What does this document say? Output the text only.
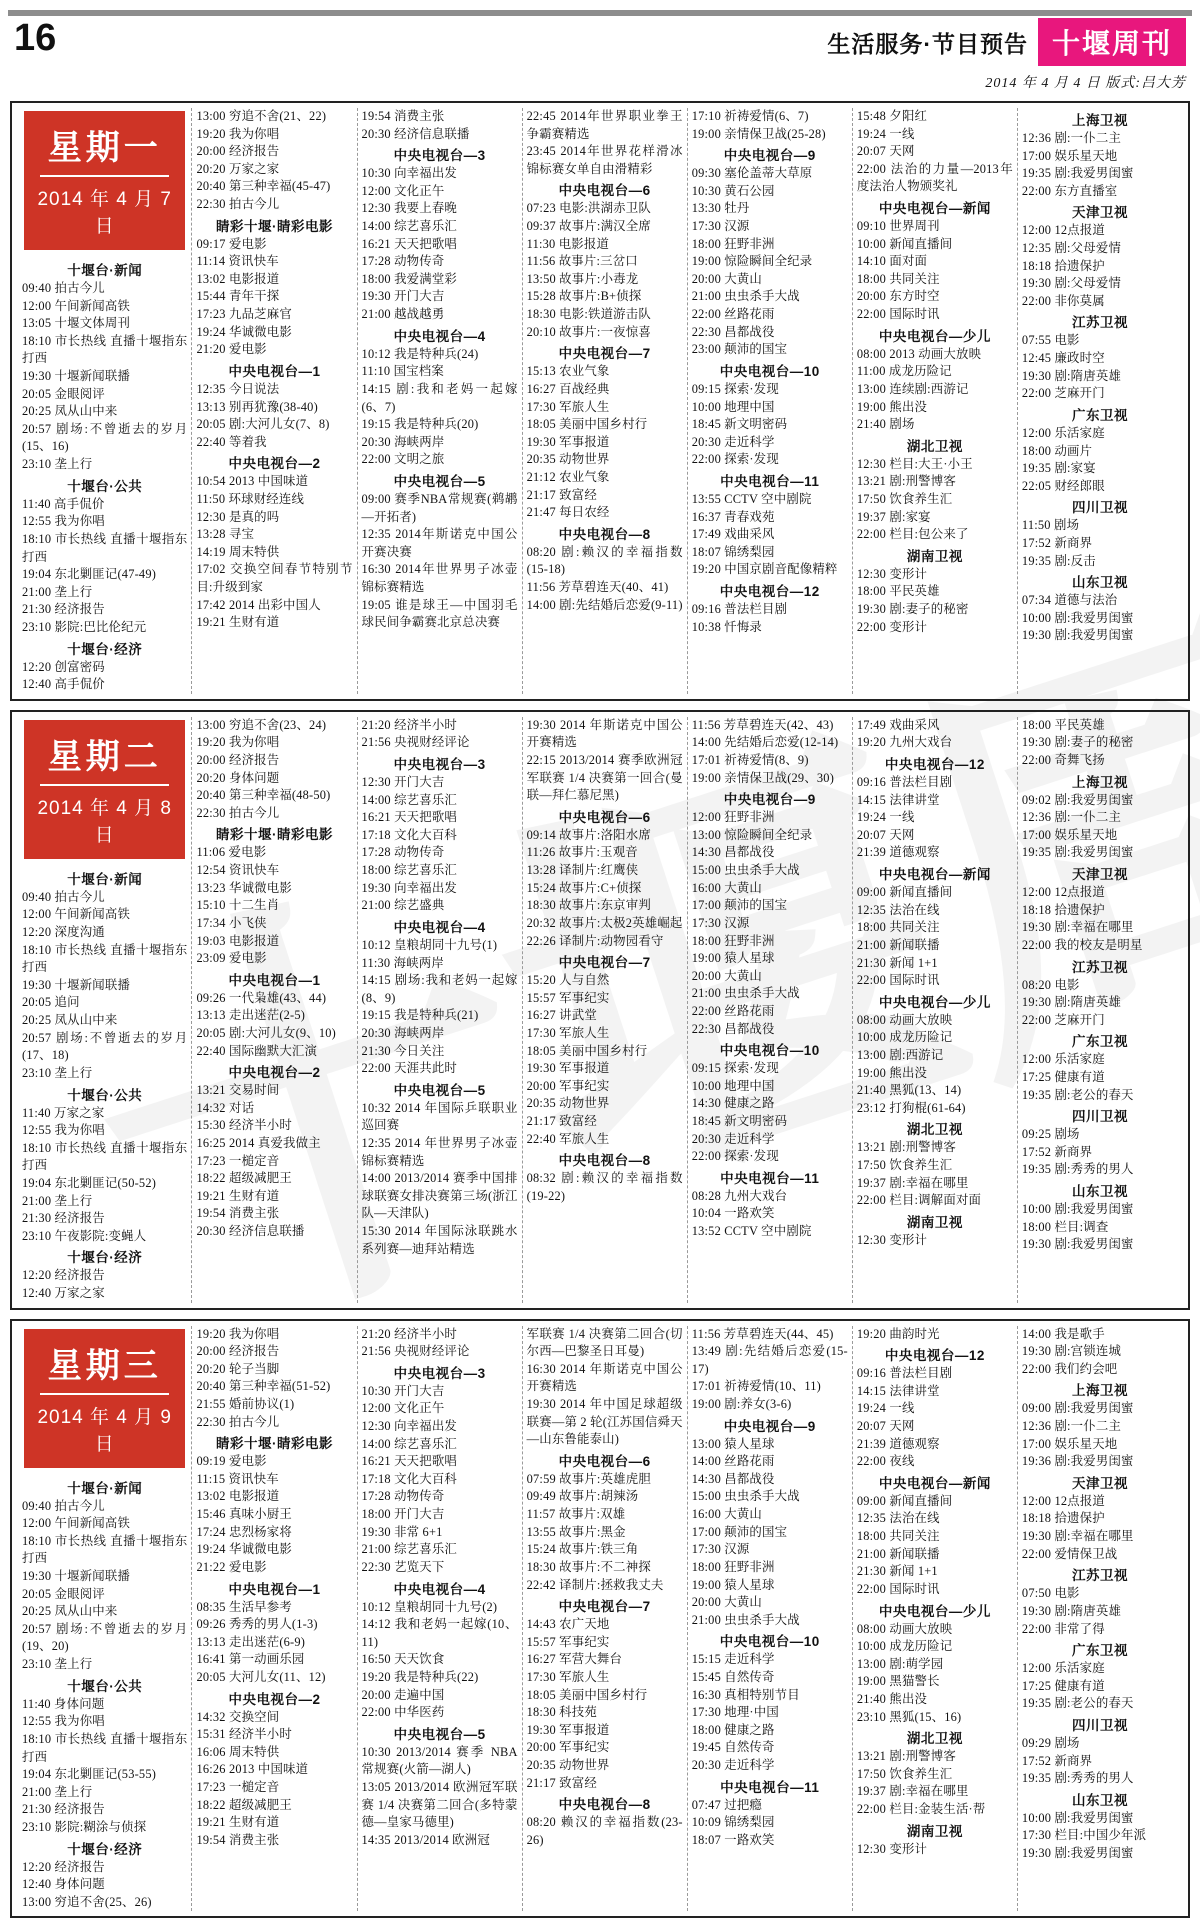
16	生活服务·节目预告 十堰周刊
2014 年 4 月 4 日 版式:吕大芳
星期一
2014 年 4 月 7 日
十堰台·新闻
09:40 拍古今儿
12:00 午间新闻高铁
13:05 十堰文体周刊
18:10 市长热线 直播十堰指东打西
19:30 十堰新闻联播
20:05 金眼阅评
20:25 凤从山中来
20:57 剧场:不曾逝去的岁月(15、16)
23:10 垄上行
十堰台·公共
11:40 高手侃价
12:55 我为你唱
18:10 市长热线 直播十堰指东打西
19:04 东北剿匪记(47-49)
21:00 垄上行
21:30 经济报告
23:10 影院:巴比伦纪元
十堰台·经济
12:20 创富密码
12:40 高手侃价
13:00 穷追不舍(21、22)
19:20 我为你唱
20:00 经济报告
20:20 万家之家
20:40 第三种幸福(45-47)
22:30 拍古今儿
睛彩十堰·睛彩电影
09:17 爱电影
11:14 资讯快车
13:02 电影报道
15:44 青年干探
17:23 九品芝麻官
19:24 华诚微电影
21:20 爱电影
中央电视台—1
12:35 今日说法
13:13 别再犹豫(38-40)
20:05 剧:大河儿女(7、8)
22:40 等着我
中央电视台—2
10:54 2013 中国味道
11:50 环球财经连线
12:30 是真的吗
13:28 寻宝
14:19 周末特供
17:02 交换空间春节特别节目:升级到家
17:42 2014 出彩中国人
19:21 生财有道
19:54 消费主张
20:30 经济信息联播
中央电视台—3
10:30 向幸福出发
12:00 文化正午
12:30 我要上春晚
14:00 综艺喜乐汇
16:21 天天把歌唱
17:28 动物传奇
18:00 我爱满堂彩
19:30 开门大吉
21:00 越战越勇
中央电视台—4
10:12 我是特种兵(24)
11:10 国宝档案
14:15 剧:我和老妈一起嫁(6、7)
19:15 我是特种兵(20)
20:30 海峡两岸
22:00 文明之旅
中央电视台—5
09:00 赛季NBA常规赛(鹈鹕—开拓者)
12:35 2014年斯诺克中国公开赛决赛
16:30 2014年世界男子冰壶锦标赛精选
19:05 谁是球王—中国羽毛球民间争霸赛北京总决赛
22:45 2014年世界职业拳王争霸赛精选
23:45 2014年世界花样滑冰锦标赛女单自由滑精彩
中央电视台—6
07:23 电影:洪湖赤卫队
09:37 故事片:满汉全席
11:30 电影报道
11:56 故事片:三岔口
13:50 故事片:小毒龙
15:28 故事片:B+侦探
18:30 电影:铁道游击队
20:10 故事片:一夜惊喜
中央电视台—7
15:13 农业气象
16:27 百战经典
17:30 军旅人生
18:05 美丽中国乡村行
19:30 军事报道
20:35 动物世界
21:12 农业气象
21:17 致富经
21:47 每日农经
中央电视台—8
08:20 剧:赖汉的幸福指数(15-18)
11:56 芳草碧连天(40、41)
14:00 剧:先结婚后恋爱(9-11)
17:10 祈祷爱情(6、7)
19:00 亲情保卫战(25-28)
中央电视台—9
09:30 塞伦盖蒂大草原
10:30 黄石公园
13:30 牡丹
17:30 汉源
18:00 狂野非洲
19:00 惊险瞬间全纪录
20:00 大黄山
21:00 虫虫杀手大战
22:00 丝路花雨
22:30 昌都战役
23:00 颠沛的国宝
中央电视台—10
09:15 探索·发现
10:00 地理中国
18:45 新文明密码
20:30 走近科学
22:00 探索·发现
中央电视台—11
13:55 CCTV 空中剧院
16:37 青春戏苑
17:49 戏曲采风
18:07 锦绣梨园
19:20 中国京剧音配像精粹
中央电视台—12
09:16 普法栏目剧
10:38 忏悔录
15:48 夕阳红
19:24 一线
20:07 天网
22:00 法治的力量—2013年度法治人物颁奖礼
中央电视台—新闻
09:10 世界周刊
10:00 新闻直播间
14:10 面对面
18:00 共同关注
20:00 东方时空
22:00 国际时讯
中央电视台—少儿
08:00 2013 动画大放映
11:00 成龙历险记
13:00 连续剧:西游记
19:00 熊出没
21:40 剧场
湖北卫视
12:30 栏目:大王·小王
13:21 剧:刑警博客
17:50 饮食养生汇
19:37 剧:家宴
22:00 栏目:包公来了
湖南卫视
12:30 变形计
18:00 平民英雄
19:30 剧:妻子的秘密
22:00 变形计
上海卫视
12:36 剧:一仆二主
17:00 娱乐星天地
19:35 剧:我爱男闺蜜
22:00 东方直播室
天津卫视
12:00 12点报道
12:35 剧:父母爱情
18:18 拾遗保护
19:30 剧:父母爱情
22:00 非你莫属
江苏卫视
07:55 电影
12:45 廉政时空
19:30 剧:隋唐英雄
22:00 芝麻开门
广东卫视
12:00 乐活家庭
18:00 动画片
19:35 剧:家宴
22:05 财经郎眼
四川卫视
11:50 剧场
17:52 新商界
19:35 剧:反击
山东卫视
07:34 道德与法治
10:00 剧:我爱男闺蜜
19:30 剧:我爱男闺蜜
星期二
2014 年 4 月 8 日
十堰台·新闻
09:40 拍古今儿
12:00 午间新闻高铁
12:20 深度沟通
18:10 市长热线 直播十堰指东打西
19:30 十堰新闻联播
20:05 追问
20:25 凤从山中来
20:57 剧场:不曾逝去的岁月(17、18)
23:10 垄上行
十堰台·公共
11:40 万家之家
12:55 我为你唱
18:10 市长热线 直播十堰指东打西
19:04 东北剿匪记(50-52)
21:00 垄上行
21:30 经济报告
23:10 午夜影院:变蝇人
十堰台·经济
12:20 经济报告
12:40 万家之家
13:00 穷追不舍(23、24)
19:20 我为你唱
20:00 经济报告
20:20 身体问题
20:40 第三种幸福(48-50)
22:30 拍古今儿
睛彩十堰·睛彩电影
11:06 爱电影
12:54 资讯快车
13:23 华诚微电影
15:10 十二生肖
17:34 小飞侠
19:03 电影报道
23:09 爱电影
中央电视台—1
09:26 一代枭雄(43、44)
13:13 走出迷茫(2-5)
20:05 剧:大河儿女(9、10)
22:40 国际幽默大汇演
中央电视台—2
13:21 交易时间
14:32 对话
15:30 经济半小时
16:25 2014 真爱我做主
17:23 一槌定音
18:22 超级减肥王
19:21 生财有道
19:54 消费主张
20:30 经济信息联播
21:20 经济半小时
21:56 央视财经评论
中央电视台—3
12:30 开门大吉
14:00 综艺喜乐汇
16:21 天天把歌唱
17:18 文化大百科
17:28 动物传奇
18:00 综艺喜乐汇
19:30 向幸福出发
21:00 综艺盛典
中央电视台—4
10:12 皇粮胡同十九号(1)
11:30 海峡两岸
14:15 剧场:我和老妈一起嫁(8、9)
19:15 我是特种兵(21)
20:30 海峡两岸
21:30 今日关注
22:00 天涯共此时
中央电视台—5
10:32 2014 年国际乒联职业巡回赛
12:35 2014 年世界男子冰壶锦标赛精选
14:00 2013/2014 赛季中国排球联赛女排决赛第三场(浙江队—天津队)
15:30 2014 年国际泳联跳水系列赛—迪拜站精选
19:30 2014 年斯诺克中国公开赛精选
22:15 2013/2014 赛季欧洲冠军联赛 1/4 决赛第一回合(曼联—拜仁慕尼黑)
中央电视台—6
09:14 故事片:洛阳水席
11:26 故事片:玉观音
13:28 译制片:红鹰侠
15:24 故事片:C+侦探
18:30 故事片:东京审判
20:32 故事片:太极2英雄崛起
22:26 译制片:动物园看守
中央电视台—7
15:20 人与自然
15:57 军事纪实
16:27 讲武堂
17:30 军旅人生
18:05 美丽中国乡村行
19:30 军事报道
20:00 军事纪实
20:35 动物世界
21:17 致富经
22:40 军旅人生
中央电视台—8
08:32 剧:赖汉的幸福指数(19-22)
11:56 芳草碧连天(42、43)
14:00 先结婚后恋爱(12-14)
17:01 祈祷爱情(8、9)
19:00 亲情保卫战(29、30)
中央电视台—9
12:00 狂野非洲
13:00 惊险瞬间全纪录
14:30 昌都战役
15:00 虫虫杀手大战
16:00 大黄山
17:00 颠沛的国宝
17:30 汉源
18:00 狂野非洲
19:00 猿人星球
20:00 大黄山
21:00 虫虫杀手大战
22:00 丝路花雨
22:30 昌都战役
中央电视台—10
09:15 探索·发现
10:00 地理中国
14:30 健康之路
18:45 新文明密码
20:30 走近科学
22:00 探索·发现
中央电视台—11
08:28 九州大戏台
10:04 一路欢笑
13:52 CCTV 空中剧院
17:49 戏曲采风
19:20 九州大戏台
中央电视台—12
09:16 普法栏目剧
14:15 法律讲堂
19:24 一线
20:07 天网
21:39 道德观察
中央电视台—新闻
09:00 新闻直播间
12:35 法治在线
18:00 共同关注
21:00 新闻联播
21:30 新闻 1+1
22:00 国际时讯
中央电视台—少儿
08:00 动画大放映
10:00 成龙历险记
13:00 剧:西游记
19:00 熊出没
21:40 黑狐(13、14)
23:12 打狗棍(61-64)
湖北卫视
13:21 剧:刑警博客
17:50 饮食养生汇
19:37 剧:幸福在哪里
22:00 栏目:调解面对面
湖南卫视
12:30 变形计
18:00 平民英雄
19:30 剧:妻子的秘密
22:00 奇舞飞扬
上海卫视
09:02 剧:我爱男闺蜜
12:36 剧:一仆二主
17:00 娱乐星天地
19:35 剧:我爱男闺蜜
天津卫视
12:00 12点报道
18:18 拾遗保护
19:30 剧:幸福在哪里
22:00 我的校友是明星
江苏卫视
08:20 电影
19:30 剧:隋唐英雄
22:00 芝麻开门
广东卫视
12:00 乐活家庭
17:25 健康有道
19:35 剧:老公的春天
四川卫视
09:25 剧场
17:52 新商界
19:35 剧:秀秀的男人
山东卫视
10:00 剧:我爱男闺蜜
18:00 栏目:调查
19:30 剧:我爱男闺蜜
星期三
2014 年 4 月 9 日
十堰台·新闻
09:40 拍古今儿
12:00 午间新闻高铁
18:10 市长热线 直播十堰指东打西
19:30 十堰新闻联播
20:05 金眼阅评
20:25 凤从山中来
20:57 剧场:不曾逝去的岁月(19、20)
23:10 垄上行
十堰台·公共
11:40 身体问题
12:55 我为你唱
18:10 市长热线 直播十堰指东打西
19:04 东北剿匪记(53-55)
21:00 垄上行
21:30 经济报告
23:10 影院:糊涂与侦探
十堰台·经济
12:20 经济报告
12:40 身体问题
13:00 穷追不舍(25、26)
19:20 我为你唱
20:00 经济报告
20:20 轮子当脚
20:40 第三种幸福(51-52)
21:55 婚前协议(1)
22:30 拍古今儿
睛彩十堰·睛彩电影
09:19 爱电影
11:15 资讯快车
13:02 电影报道
15:46 真味小厨王
17:24 忠烈杨家将
19:24 华诚微电影
21:22 爱电影
中央电视台—1
08:35 生活早参考
09:26 秀秀的男人(1-3)
13:13 走出迷茫(6-9)
16:41 第一动画乐园
20:05 大河儿女(11、12)
中央电视台—2
14:32 交换空间
15:31 经济半小时
16:06 周末特供
16:26 2013 中国味道
17:23 一槌定音
18:22 超级减肥王
19:21 生财有道
19:54 消费主张
21:20 经济半小时
21:56 央视财经评论
中央电视台—3
10:30 开门大吉
12:00 文化正午
12:30 向幸福出发
14:00 综艺喜乐汇
16:21 天天把歌唱
17:18 文化大百科
17:28 动物传奇
18:00 开门大吉
19:30 非常 6+1
21:00 综艺喜乐汇
22:30 艺览天下
中央电视台—4
10:12 皇粮胡同十九号(2)
14:12 我和老妈一起嫁(10、11)
16:50 天天饮食
19:20 我是特种兵(22)
20:00 走遍中国
22:00 中华医药
中央电视台—5
10:30 2013/2014 赛季 NBA 常规赛(火箭—湖人)
13:05 2013/2014 欧洲冠军联赛 1/4 决赛第二回合(多特蒙德—皇家马德里)
14:35 2013/2014 欧洲冠
军联赛 1/4 决赛第二回合(切尔西—巴黎圣日耳曼)
16:30 2014 年斯诺克中国公开赛精选
19:30 2014 年中国足球超级联赛—第 2 轮(江苏国信舜天—山东鲁能泰山)
中央电视台—6
07:59 故事片:英雄虎胆
09:49 故事片:胡辣汤
11:57 故事片:双雄
13:55 故事片:黑金
15:24 故事片:铁三角
18:30 故事片:不二神探
22:42 译制片:拯救我丈夫
中央电视台—7
14:43 农广天地
15:57 军事纪实
16:27 军营大舞台
17:30 军旅人生
18:05 美丽中国乡村行
18:30 科技苑
19:30 军事报道
20:00 军事纪实
20:35 动物世界
21:17 致富经
中央电视台—8
08:20 赖汉的幸福指数(23-26)
11:56 芳草碧连天(44、45)
13:49 剧:先结婚后恋爱(15-17)
17:01 祈祷爱情(10、11)
19:00 剧:养女(3-6)
中央电视台—9
13:00 猿人星球
14:00 丝路花雨
14:30 昌都战役
15:00 虫虫杀手大战
16:00 大黄山
17:00 颠沛的国宝
17:30 汉源
18:00 狂野非洲
19:00 猿人星球
20:00 大黄山
21:00 虫虫杀手大战
中央电视台—10
15:15 走近科学
15:45 自然传奇
16:30 真相特别节目
17:30 地理·中国
18:00 健康之路
19:45 自然传奇
20:30 走近科学
中央电视台—11
07:47 过把瘾
10:09 锦绣梨园
18:07 一路欢笑
19:20 曲韵时光
中央电视台—12
09:16 普法栏目剧
14:15 法律讲堂
19:24 一线
20:07 天网
21:39 道德观察
22:00 夜线
中央电视台—新闻
09:00 新闻直播间
12:35 法治在线
18:00 共同关注
21:00 新闻联播
21:30 新闻 1+1
22:00 国际时讯
中央电视台—少儿
08:00 动画大放映
10:00 成龙历险记
13:00 剧:萌学园
19:00 黑猫警长
21:40 熊出没
23:10 黑狐(15、16)
湖北卫视
13:21 剧:刑警博客
17:50 饮食养生汇
19:37 剧:幸福在哪里
22:00 栏目:金装生活·帮
湖南卫视
12:30 变形计
14:00 我是歌手
19:30 剧:宫锁连城
22:00 我们约会吧
上海卫视
09:00 剧:我爱男闺蜜
12:36 剧:一仆二主
17:00 娱乐星天地
19:36 剧:我爱男闺蜜
天津卫视
12:00 12点报道
18:18 拾遗保护
19:30 剧:幸福在哪里
22:00 爱情保卫战
江苏卫视
07:50 电影
19:30 剧:隋唐英雄
22:00 非常了得
广东卫视
12:00 乐活家庭
17:25 健康有道
19:35 剧:老公的春天
四川卫视
09:29 剧场
17:52 新商界
19:35 剧:秀秀的男人
山东卫视
10:00 剧:我爱男闺蜜
17:30 栏目:中国少年派
19:30 剧:我爱男闺蜜
